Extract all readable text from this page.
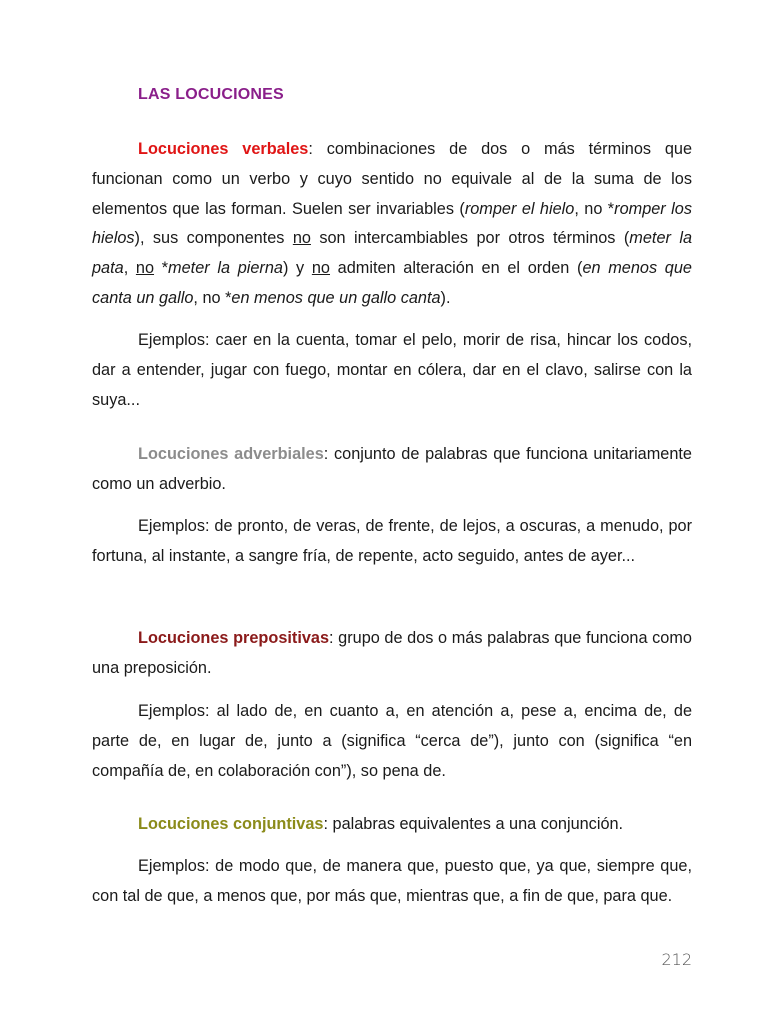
LAS LOCUCIONES

Locuciones verbales: combinaciones de dos o más términos que funcionan como un verbo y cuyo sentido no equivale al de la suma de los elementos que las forman. Suelen ser invariables (romper el hielo, no *romper los hielos), sus componentes no son intercambiables por otros términos (meter la pata, no *meter la pierna) y no admiten alteración en el orden (en menos que canta un gallo, no *en menos que un gallo canta).

Ejemplos: caer en la cuenta, tomar el pelo, morir de risa, hincar los codos, dar a entender, jugar con fuego, montar en cólera, dar en el clavo, salirse con la suya...

Locuciones adverbiales: conjunto de palabras que funciona unitariamente como un adverbio.

Ejemplos: de pronto, de veras, de frente, de lejos, a oscuras, a menudo, por fortuna, al instante, a sangre fría, de repente, acto seguido, antes de ayer...

Locuciones prepositivas: grupo de dos o más palabras que funciona como una preposición.

Ejemplos: al lado de, en cuanto a, en atención a, pese a, encima de, de parte de, en lugar de, junto a (significa “cerca de”), junto con (significa “en compañía de, en colaboración con”), so pena de.

Locuciones conjuntivas: palabras equivalentes a una conjunción.

Ejemplos: de modo que, de manera que, puesto que, ya que, siempre que, con tal de que, a menos que, por más que, mientras que, a fin de que, para que.

212
